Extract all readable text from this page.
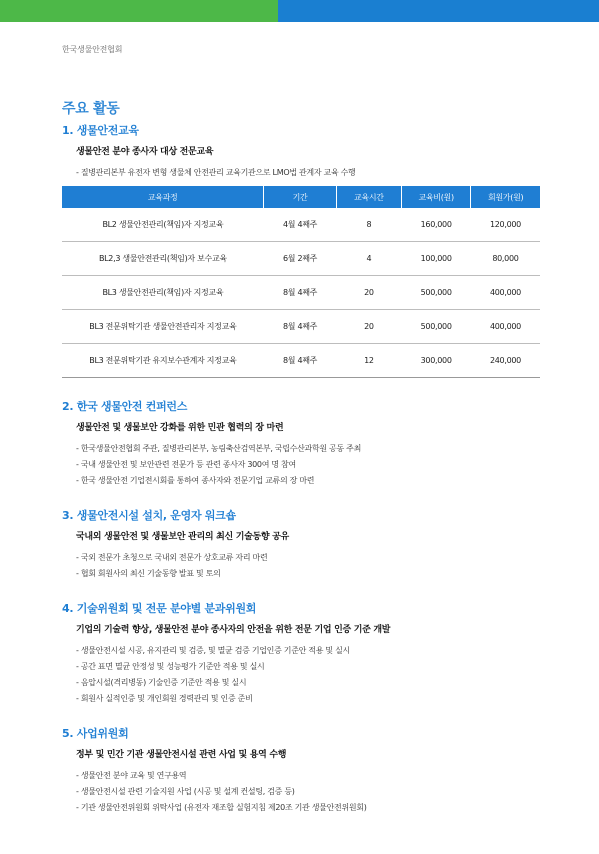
한국생물안전협회
주요 활동
1. 생물안전교육
생물안전 분야 종사자 대상 전문교육
- 질병관리본부 유전자 변형 생물체 안전관리 교육기관으로 LMO법 관계자 교육 수행
교육과정	기간	교육시간	교육비(원)	회원가(원)
BL2 생물안전관리(책임)자 지정교육	4월 4째주	8	160,000	120,000
BL2,3 생물안전관리(책임)자 보수교육	6월 2째주	4	100,000	80,000
BL3 생물안전관리(책임)자 지정교육	8월 4째주	20	500,000	400,000
BL3 전문위탁기관 생물안전관리자 지정교육	8월 4째주	20	500,000	400,000
BL3 전문위탁기관 유지보수관계자 지정교육	8월 4째주	12	300,000	240,000
2. 한국 생물안전 컨퍼런스
생물안전 및 생물보안 강화를 위한 민관 협력의 장 마련
- 한국생물안전협회 주관, 질병관리본부, 농림축산검역본부, 국립수산과학원 공동 주최
- 국내 생물안전 및 보안관련 전문가 등 관련 종사자 300여 명 참여
- 한국 생물안전 기업전시회를 통하여 종사자와 전문기업 교류의 장 마련
3. 생물안전시설 설치, 운영자 워크숍
국내외 생물안전 및 생물보안 관리의 최신 기술동향 공유
- 국외 전문가 초청으로 국내외 전문가 상호교류 자리 마련
- 협회 회원사의 최신 기술동향 발표 및 토의
4. 기술위원회 및 전문 분야별 분과위원회
기업의 기술력 향상, 생물안전 분야 종사자의 안전을 위한 전문 기업 인증 기준 개발
- 생물안전시설 시공, 유지관리 및 검증, 및 멸균 검증 기업인증 기준안 적용 및 실시
- 공간 표면 멸균 안정성 및 성능평가 기준안 적용 및 실시
- 음압시설(격리병동) 기술인증 기준안 적용 및 실시
- 회원사 실적인증 및 개인회원 경력관리 및 인증 준비
5. 사업위원회
정부 및 민간 기관 생물안전시설 관련 사업 및 용역 수행
- 생물안전 분야 교육 및 연구용역
- 생물안전시설 관련 기술지원 사업 (시공 및 설계 컨설팅, 검증 등)
- 기관 생물안전위원회 위탁사업 (유전자 재조합 실험지침 제20조 기관 생물안전위원회)
